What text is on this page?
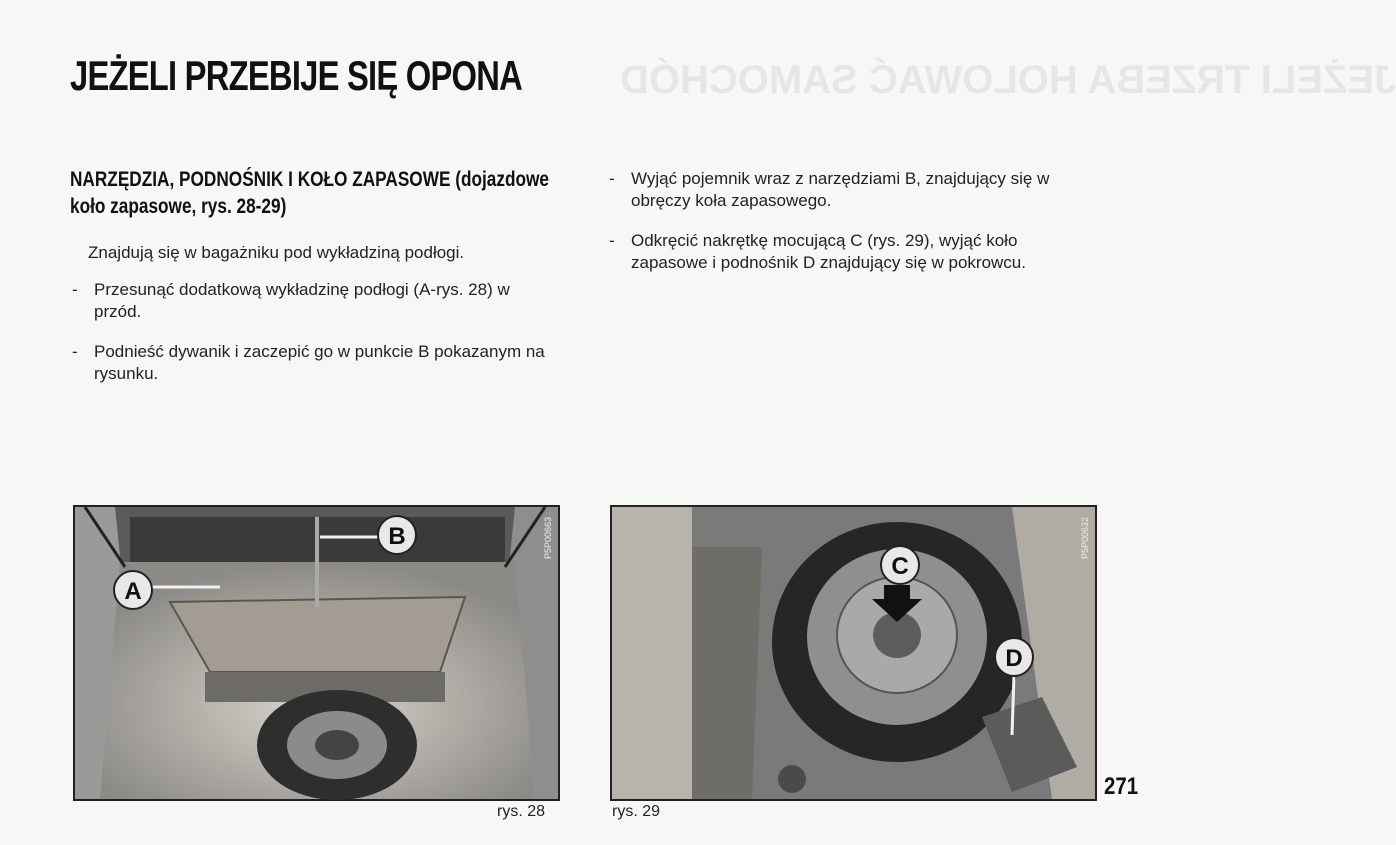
JEŻELI TRZEBA HOLOWAĆ SAMOCHÓD
JEŻELI PRZEBIJE SIĘ OPONA
NARZĘDZIA, PODNOŚNIK I KOŁO ZAPASOWE (dojazdowe koło zapasowe, rys. 28-29)
Znajdują się w bagażniku pod wykładziną podłogi.
- Przesunąć dodatkową wykładzinę podłogi (A-rys. 28) w przód.
- Podnieść dywanik i zaczepić go w punkcie B pokazanym na rysunku.
- Wyjąć pojemnik wraz z narzędziami B, znajdujący się w obręczy koła zapasowego.
- Odkręcić nakrętkę mocującą C (rys. 29), wyjąć koło zapasowe i podnośnik D znajdujący się w pokrowcu.
A
B	P5P00663
rys. 28
C
D
P5P00632
rys. 29
271
